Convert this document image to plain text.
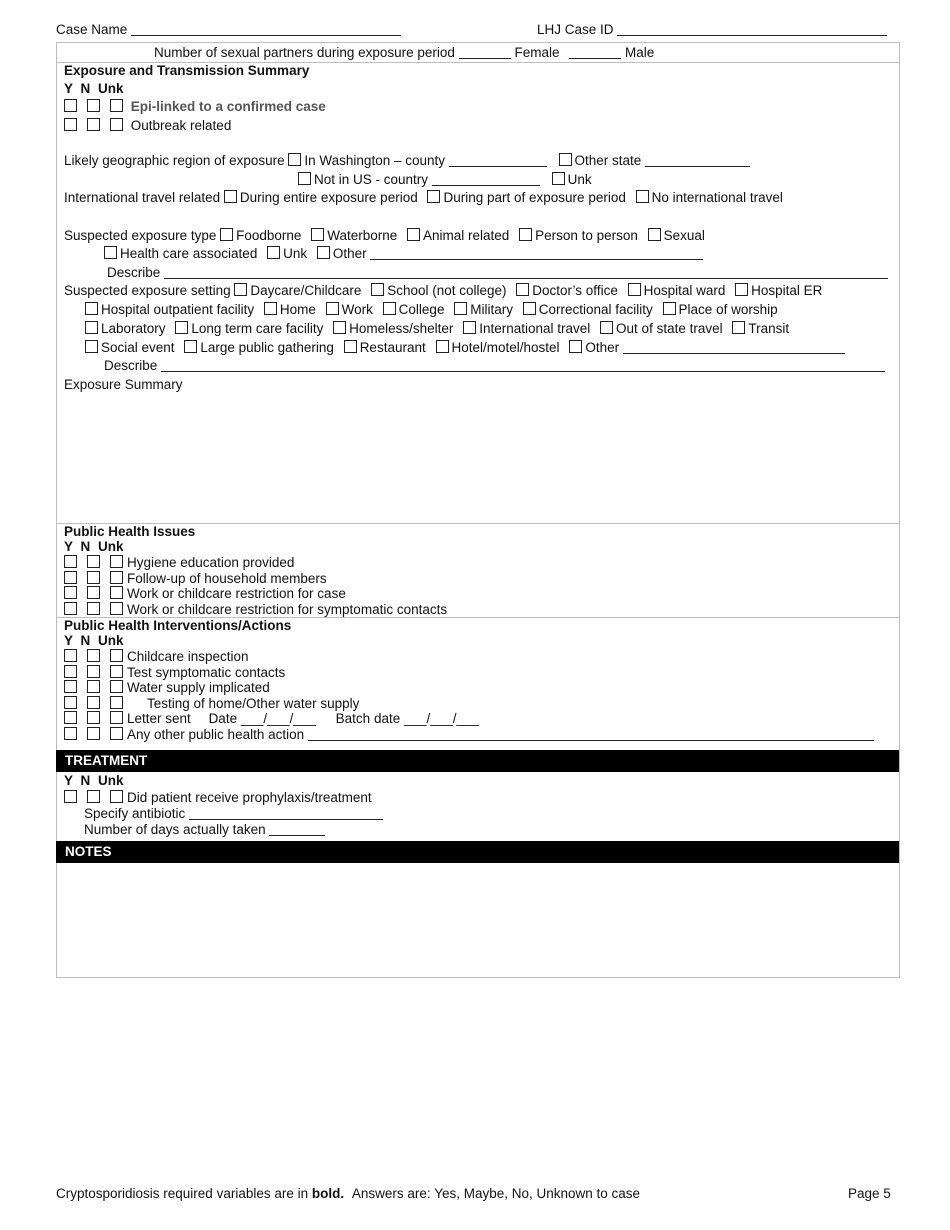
Case Name	LHJ Case ID
Number of sexual partners during exposure period	Female	Male
Exposure and Transmission Summary
Y N Unk
Epi-linked to a confirmed case
Outbreak related
Likely geographic region of exposure In Washington – county	Other state
Not in US - country	Unk
International travel related During entire exposure period During part of exposure period No international travel
Suspected exposure type Foodborne Waterborne Animal related Person to person Sexual
Health care associated Unk Other
Describe
Suspected exposure setting Daycare/Childcare School (not college) Doctor’s office Hospital ward Hospital ER
Hospital outpatient facility Home Work College Military Correctional facility Place of worship
Laboratory Long term care facility Homeless/shelter International travel Out of state travel Transit
Social event Large public gathering Restaurant Hotel/motel/hostel Other
Describe
Exposure Summary
Public Health Issues
Y N Unk
Hygiene education provided
Follow-up of household members
Work or childcare restriction for case
Work or childcare restriction for symptomatic contacts
Public Health Interventions/Actions
Y N Unk
Childcare inspection
Test symptomatic contacts
Water supply implicated
Testing of home/Other water supply
Letter sent Date ___/___/___ Batch date ___/___/___
Any other public health action
TREATMENT
Y N Unk
Did patient receive prophylaxis/treatment
Specify antibiotic
Number of days actually taken
NOTES
Cryptosporidiosis required variables are in bold. Answers are: Yes, Maybe, No, Unknown to case	Page 5
